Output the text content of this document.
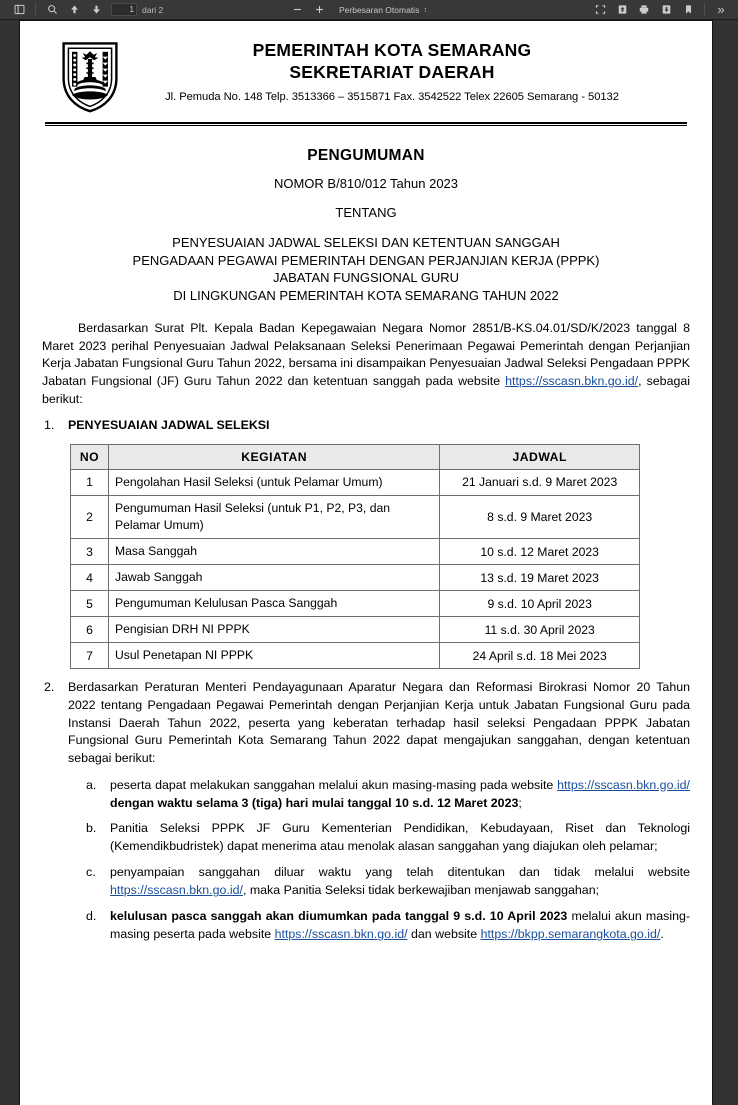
1
dari 2	Perbesaran Otomatis ↕	»
PEMERINTAH KOTA SEMARANG
SEKRETARIAT DAERAH
Jl. Pemuda No. 148 Telp. 3513366 – 3515871 Fax. 3542522 Telex 22605 Semarang - 50132
PENGUMUMAN
NOMOR B/810/012 Tahun 2023
TENTANG
PENYESUAIAN JADWAL SELEKSI DAN KETENTUAN SANGGAH
PENGADAAN PEGAWAI PEMERINTAH DENGAN PERJANJIAN KERJA (PPPK)
JABATAN FUNGSIONAL GURU
DI LINGKUNGAN PEMERINTAH KOTA SEMARANG TAHUN 2022

Berdasarkan Surat Plt. Kepala Badan Kepegawaian Negara Nomor 2851/B-KS.04.01/SD/K/2023 tanggal 8 Maret 2023 perihal Penyesuaian Jadwal Pelaksanaan Seleksi Penerimaan Pegawai Pemerintah dengan Perjanjian Kerja Jabatan Fungsional Guru Tahun 2022, bersama ini disampaikan Penyesuaian Jadwal Seleksi Pengadaan PPPK Jabatan Fungsional (JF) Guru Tahun 2022 dan ketentuan sanggah pada website https://sscasn.bkn.go.id/, sebagai berikut:

1. PENYESUAIAN JADWAL SELEKSI
NO	KEGIATAN	JADWAL
1	Pengolahan Hasil Seleksi (untuk Pelamar Umum)	21 Januari s.d. 9 Maret 2023
2	Pengumuman Hasil Seleksi (untuk P1, P2, P3, dan Pelamar Umum)	8 s.d. 9 Maret 2023
3	Masa Sanggah	10 s.d. 12 Maret 2023
4	Jawab Sanggah	13 s.d. 19 Maret 2023
5	Pengumuman Kelulusan Pasca Sanggah	9 s.d. 10 April 2023
6	Pengisian DRH NI PPPK	11 s.d. 30 April 2023
7	Usul Penetapan NI PPPK	24 April s.d. 18 Mei 2023
2. Berdasarkan Peraturan Menteri Pendayagunaan Aparatur Negara dan Reformasi Birokrasi Nomor 20 Tahun 2022 tentang Pengadaan Pegawai Pemerintah dengan Perjanjian Kerja untuk Jabatan Fungsional Guru pada Instansi Daerah Tahun 2022, peserta yang keberatan terhadap hasil seleksi Pengadaan PPPK Jabatan Fungsional Guru Pemerintah Kota Semarang Tahun 2022 dapat mengajukan sanggahan, dengan ketentuan sebagai berikut:
a. peserta dapat melakukan sanggahan melalui akun masing-masing pada website https://sscasn.bkn.go.id/ dengan waktu selama 3 (tiga) hari mulai tanggal 10 s.d. 12 Maret 2023;
b. Panitia Seleksi PPPK JF Guru Kementerian Pendidikan, Kebudayaan, Riset dan Teknologi (Kemendikbudristek) dapat menerima atau menolak alasan sanggahan yang diajukan oleh pelamar;
c. penyampaian sanggahan diluar waktu yang telah ditentukan dan tidak melalui website https://sscasn.bkn.go.id/, maka Panitia Seleksi tidak berkewajiban menjawab sanggahan;
d. kelulusan pasca sanggah akan diumumkan pada tanggal 9 s.d. 10 April 2023 melalui akun masing-masing peserta pada website https://sscasn.bkn.go.id/ dan website https://bkpp.semarangkota.go.id/.
